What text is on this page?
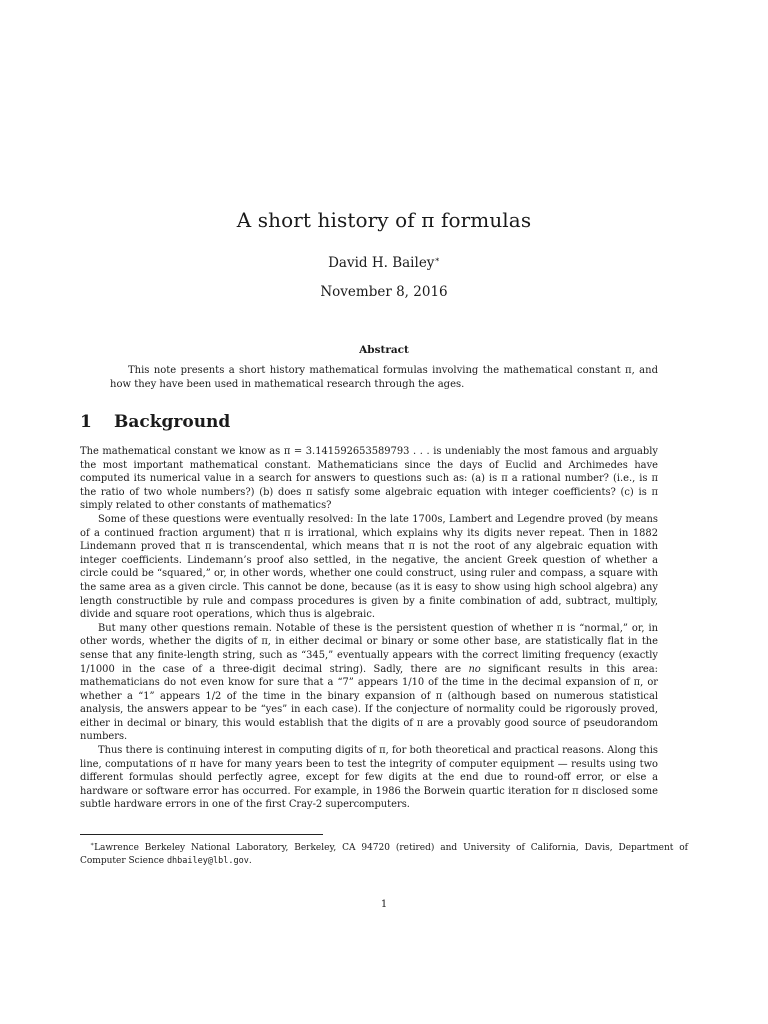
A short history of π formulas
David H. Bailey∗
November 8, 2016
Abstract
This note presents a short history mathematical formulas involving the mathematical constant π, and how they have been used in mathematical research through the ages.
1 Background

The mathematical constant we know as π = 3.141592653589793 . . . is undeniably the most famous and arguably the most important mathematical constant. Mathematicians since the days of Euclid and Archimedes have computed its numerical value in a search for answers to questions such as: (a) is π a rational number? (i.e., is π the ratio of two whole numbers?) (b) does π satisfy some algebraic equation with integer coefficients? (c) is π simply related to other constants of mathematics?

Some of these questions were eventually resolved: In the late 1700s, Lambert and Legendre proved (by means of a continued fraction argument) that π is irrational, which explains why its digits never repeat. Then in 1882 Lindemann proved that π is transcendental, which means that π is not the root of any algebraic equation with integer coefficients. Lindemann’s proof also settled, in the negative, the ancient Greek question of whether a circle could be “squared,” or, in other words, whether one could construct, using ruler and compass, a square with the same area as a given circle. This cannot be done, because (as it is easy to show using high school algebra) any length constructible by rule and compass procedures is given by a finite combination of add, subtract, multiply, divide and square root operations, which thus is algebraic.

But many other questions remain. Notable of these is the persistent question of whether π is “normal,” or, in other words, whether the digits of π, in either decimal or binary or some other base, are statistically flat in the sense that any finite-length string, such as “345,” eventually appears with the correct limiting frequency (exactly 1/1000 in the case of a three-digit decimal string). Sadly, there are no significant results in this area: mathematicians do not even know for sure that a “7” appears 1/10 of the time in the decimal expansion of π, or whether a “1” appears 1/2 of the time in the binary expansion of π (although based on numerous statistical analysis, the answers appear to be “yes” in each case). If the conjecture of normality could be rigorously proved, either in decimal or binary, this would establish that the digits of π are a provably good source of pseudorandom numbers.

Thus there is continuing interest in computing digits of π, for both theoretical and practical reasons. Along this line, computations of π have for many years been to test the integrity of computer equipment — results using two different formulas should perfectly agree, except for few digits at the end due to round-off error, or else a hardware or software error has occurred. For example, in 1986 the Borwein quartic iteration for π disclosed some subtle hardware errors in one of the first Cray-2 supercomputers.

∗Lawrence Berkeley National Laboratory, Berkeley, CA 94720 (retired) and University of California, Davis, Department of Computer Science dhbailey@lbl.gov.
1
